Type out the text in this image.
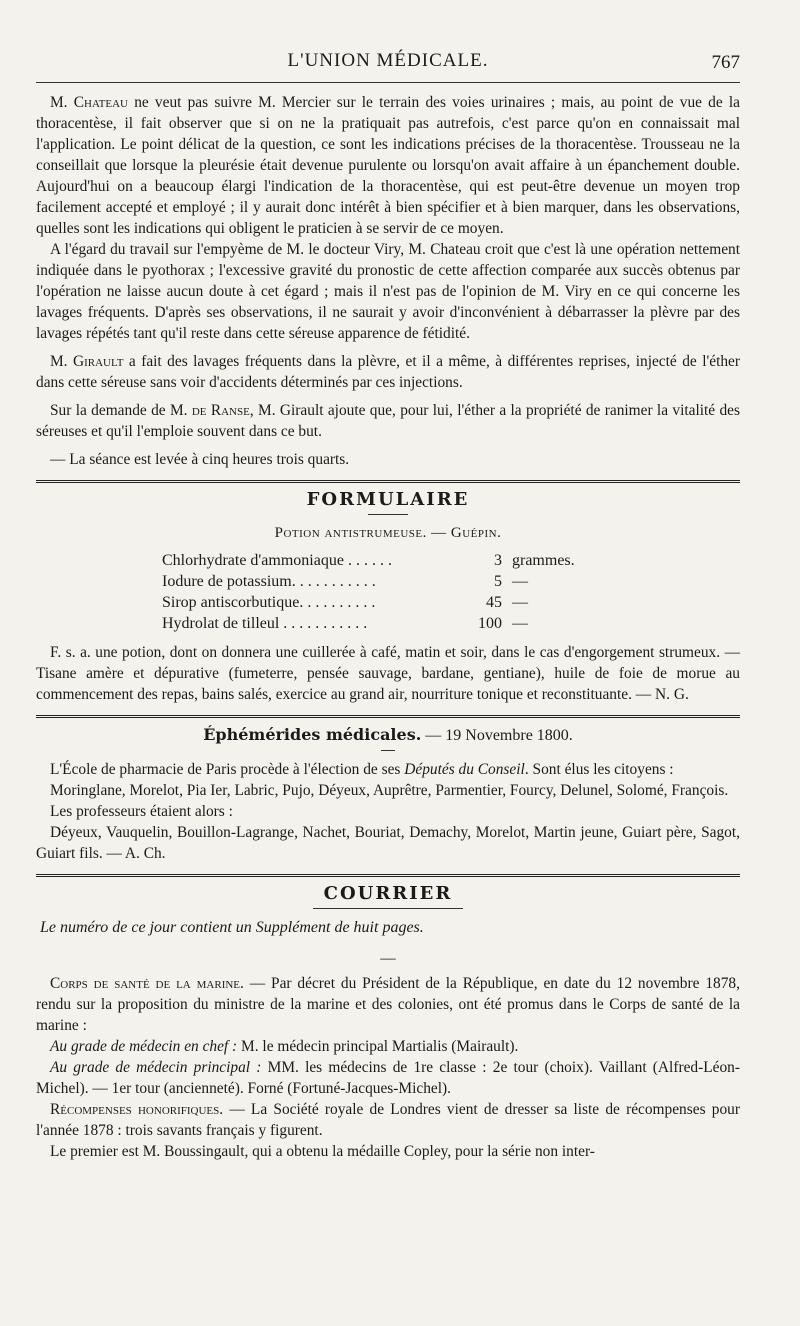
L'UNION MÉDICALE.	767

M. Chateau ne veut pas suivre M. Mercier sur le terrain des voies urinaires ; mais, au point de vue de la thoracentèse, il fait observer que si on ne la pratiquait pas autrefois, c'est parce qu'on en connaissait mal l'application. Le point délicat de la question, ce sont les indications précises de la thoracentèse. Trousseau ne la conseillait que lorsque la pleurésie était devenue purulente ou lorsqu'on avait affaire à un épanchement double. Aujourd'hui on a beaucoup élargi l'indication de la thoracentèse, qui est peut-être devenue un moyen trop facilement accepté et employé ; il y aurait donc intérêt à bien spécifier et à bien marquer, dans les observations, quelles sont les indications qui obligent le praticien à se servir de ce moyen.

A l'égard du travail sur l'empyème de M. le docteur Viry, M. Chateau croit que c'est là une opération nettement indiquée dans le pyothorax ; l'excessive gravité du pronostic de cette affection comparée aux succès obtenus par l'opération ne laisse aucun doute à cet égard ; mais il n'est pas de l'opinion de M. Viry en ce qui concerne les lavages fréquents. D'après ses observations, il ne saurait y avoir d'inconvénient à débarrasser la plèvre par des lavages répétés tant qu'il reste dans cette séreuse apparence de fétidité.

M. Girault a fait des lavages fréquents dans la plèvre, et il a même, à différentes reprises, injecté de l'éther dans cette séreuse sans voir d'accidents déterminés par ces injections.

Sur la demande de M. de Ranse, M. Girault ajoute que, pour lui, l'éther a la propriété de ranimer la vitalité des séreuses et qu'il l'emploie souvent dans ce but.

— La séance est levée à cinq heures trois quarts.

FORMULAIRE
Potion antistrumeuse. — Guépin.
Chlorhydrate d'ammoniaque . . . . . .	3 grammes.
Iodure de potassium. . . . . . . . . . .	5 —
Sirop antiscorbutique. . . . . . . . . .	45 —
Hydrolat de tilleul . . . . . . . . . . .	100 —

F. s. a. une potion, dont on donnera une cuillerée à café, matin et soir, dans le cas d'engorgement strumeux. — Tisane amère et dépurative (fumeterre, pensée sauvage, bardane, gentiane), huile de foie de morue au commencement des repas, bains salés, exercice au grand air, nourriture tonique et reconstituante. — N. G.

Éphémérides médicales. — 19 Novembre 1800.

L'École de pharmacie de Paris procède à l'élection de ses Députés du Conseil. Sont élus les citoyens :

Moringlane, Morelot, Pia Ier, Labric, Pujo, Déyeux, Auprêtre, Parmentier, Fourcy, Delunel, Solomé, François.

Les professeurs étaient alors :

Déyeux, Vauquelin, Bouillon-Lagrange, Nachet, Bouriat, Demachy, Morelot, Martin jeune, Guiart père, Sagot, Guiart fils. — A. Ch.

COURRIER

Le numéro de ce jour contient un Supplément de huit pages.

—

Corps de santé de la marine. — Par décret du Président de la République, en date du 12 novembre 1878, rendu sur la proposition du ministre de la marine et des colonies, ont été promus dans le Corps de santé de la marine :

Au grade de médecin en chef : M. le médecin principal Martialis (Mairault).

Au grade de médecin principal : MM. les médecins de 1re classe : 2e tour (choix). Vaillant (Alfred-Léon-Michel). — 1er tour (ancienneté). Forné (Fortuné-Jacques-Michel).

Récompenses honorifiques. — La Société royale de Londres vient de dresser sa liste de récompenses pour l'année 1878 : trois savants français y figurent.

Le premier est M. Boussingault, qui a obtenu la médaille Copley, pour la série non inter-
